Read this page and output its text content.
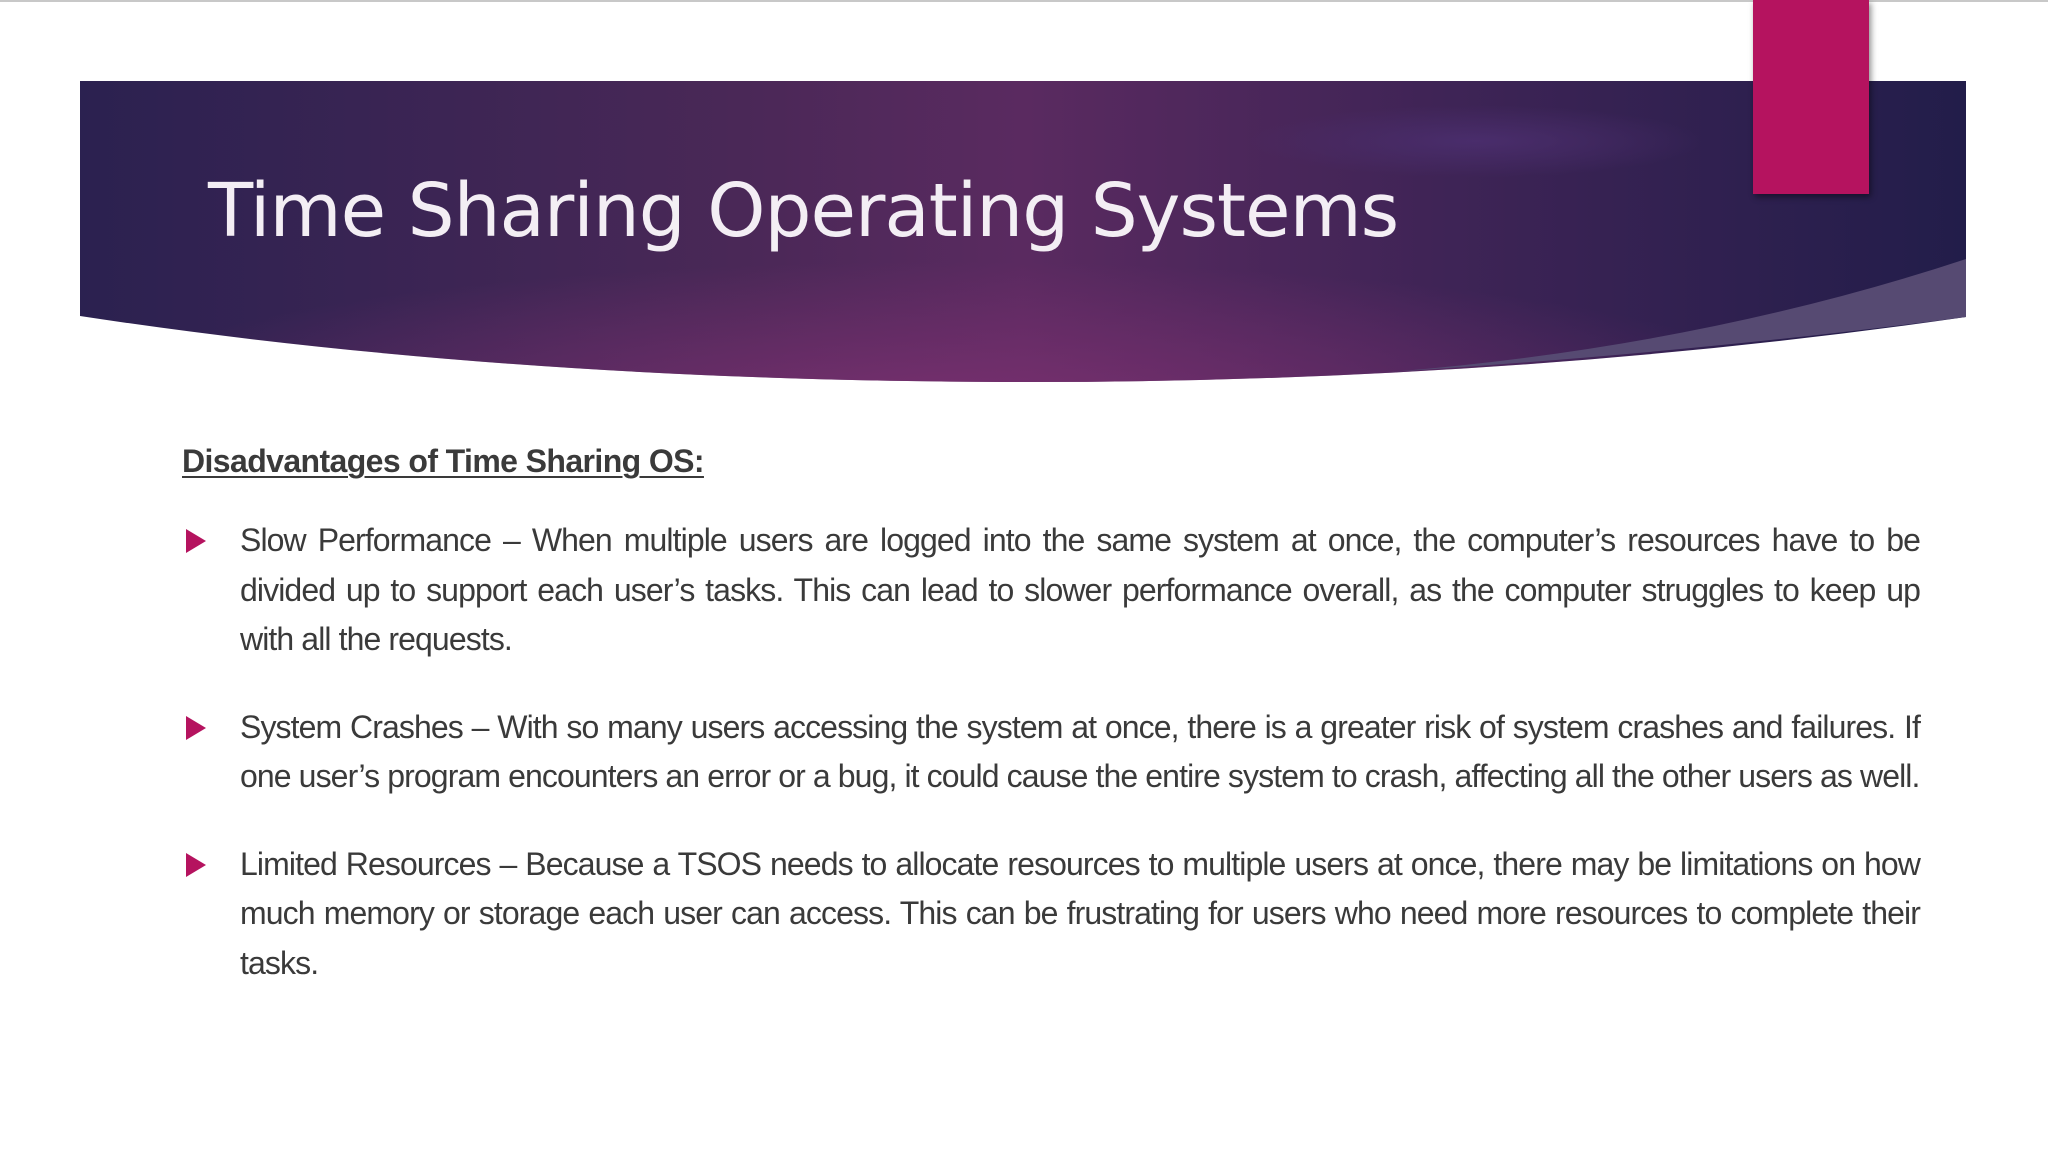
Time Sharing Operating Systems
Disadvantages of Time Sharing OS:
Slow Performance – When multiple users are logged into the same system at once, the computer’s resources have to be divided up to support each user’s tasks. This can lead to slower performance overall, as the computer struggles to keep up with all the requests.
System Crashes – With so many users accessing the system at once, there is a greater risk of system crashes and failures. If one user’s program encounters an error or a bug, it could cause the entire system to crash, affecting all the other users as well.
Limited Resources – Because a TSOS needs to allocate resources to multiple users at once, there may be limitations on how much memory or storage each user can access. This can be frustrating for users who need more resources to complete their tasks.
